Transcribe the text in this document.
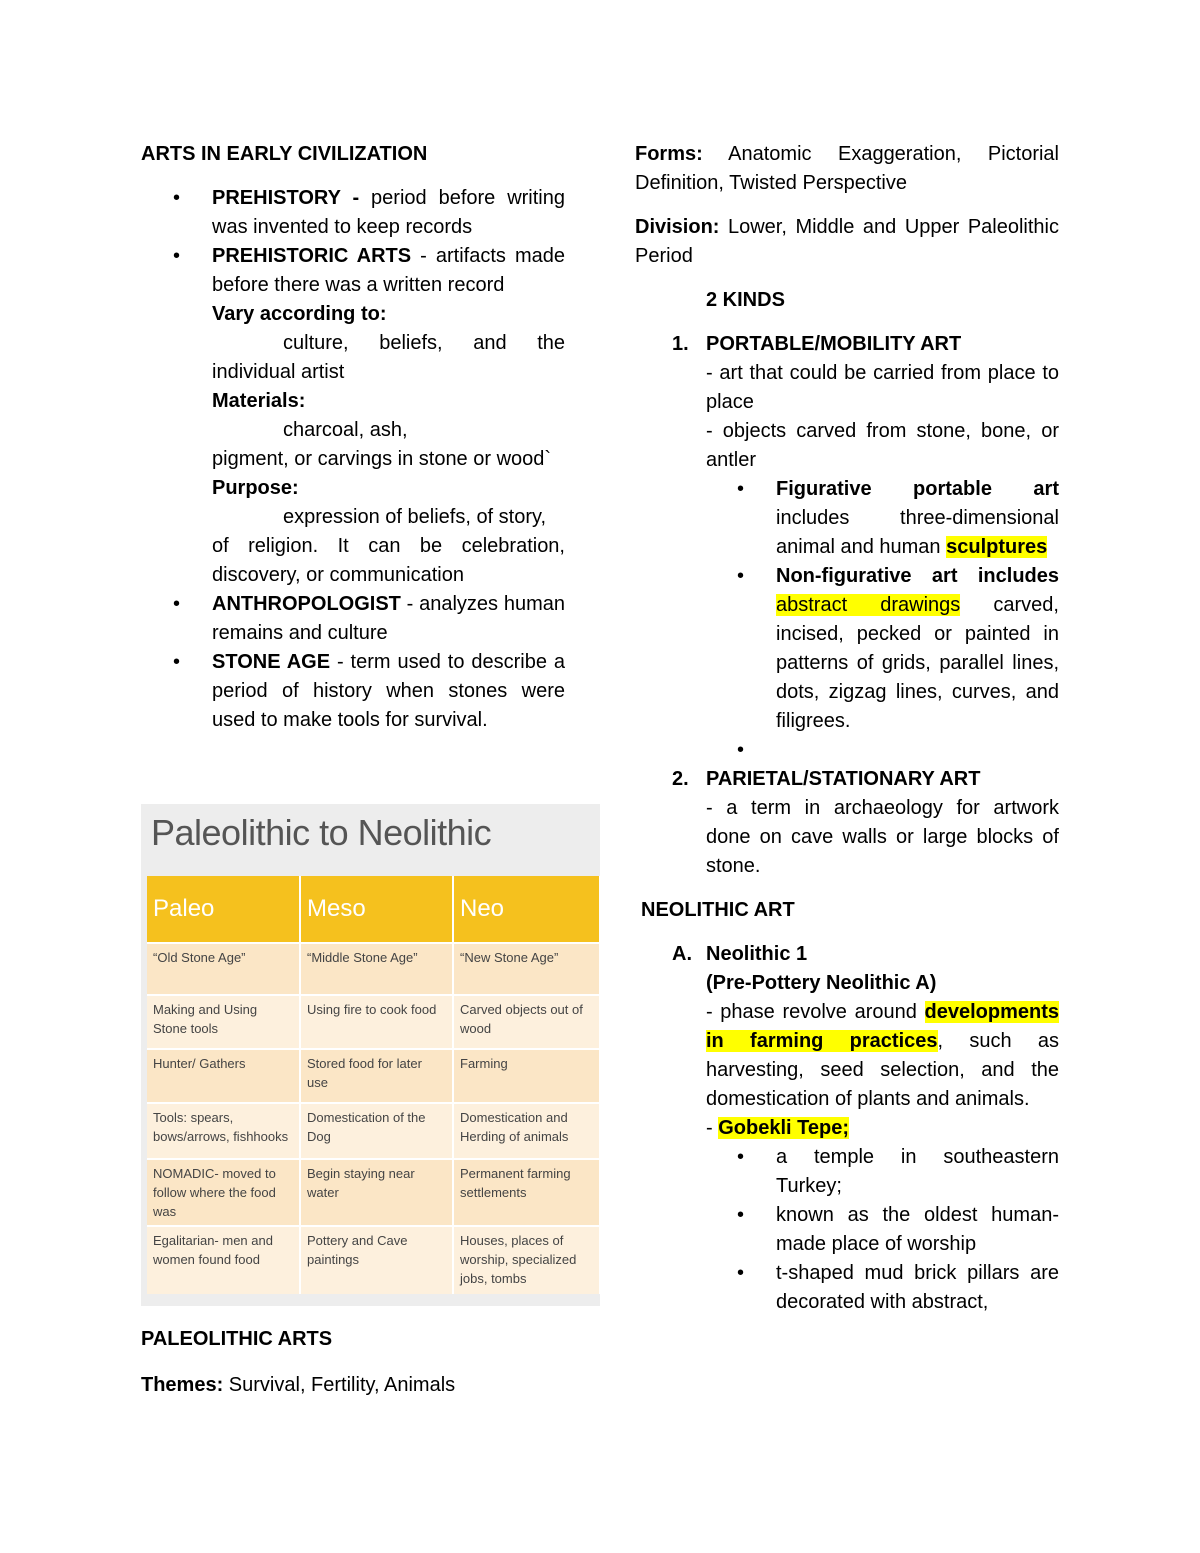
ARTS IN EARLY CIVILIZATION

• PREHISTORY - period before writing was invented to keep records

• PREHISTORIC ARTS - artifacts made before there was a written record

Vary according to:

culture, beliefs, and the

individual artist

Materials:

charcoal, ash,

pigment, or carvings in stone or wood`

Purpose:

expression of beliefs, of story,

of religion. It can be celebration, discovery, or communication

• ANTHROPOLOGIST - analyzes human remains and culture

• STONE AGE - term used to describe a period of history when stones were used to make tools for survival.

Paleolithic to Neolithic
Paleo	Meso	Neo
“Old Stone Age”	“Middle Stone Age”	“New Stone Age”
Making and Using Stone tools	Using fire to cook food	Carved objects out of wood
Hunter/ Gathers	Stored food for later use	Farming
Tools: spears, bows/arrows, fishhooks	Domestication of the Dog	Domestication and Herding of animals
NOMADIC- moved to follow where the food was	Begin staying near water	Permanent farming settlements
Egalitarian- men and women found food	Pottery and Cave paintings	Houses, places of worship, specialized jobs, tombs

PALEOLITHIC ARTS

Themes: Survival, Fertility, Animals

Forms: Anatomic Exaggeration, Pictorial Definition, Twisted Perspective

Division: Lower, Middle and Upper Paleolithic Period

2 KINDS

1. PORTABLE/MOBILITY ART

- art that could be carried from place to place

- objects carved from stone, bone, or antler

• Figurative portable art includes three-dimensional animal and human sculptures

• Non-figurative art includes abstract drawings carved, incised, pecked or painted in patterns of grids, parallel lines, dots, zigzag lines, curves, and filigrees.

•

2. PARIETAL/STATIONARY ART

- a term in archaeology for artwork done on cave walls or large blocks of stone.

NEOLITHIC ART

A. Neolithic 1

(Pre-Pottery Neolithic A)

- phase revolve around developments in farming practices, such as harvesting, seed selection, and the domestication of plants and animals.

- Gobekli Tepe;

• a temple in southeastern Turkey;

• known as the oldest human-made place of worship

• t-shaped mud brick pillars are decorated with abstract,
